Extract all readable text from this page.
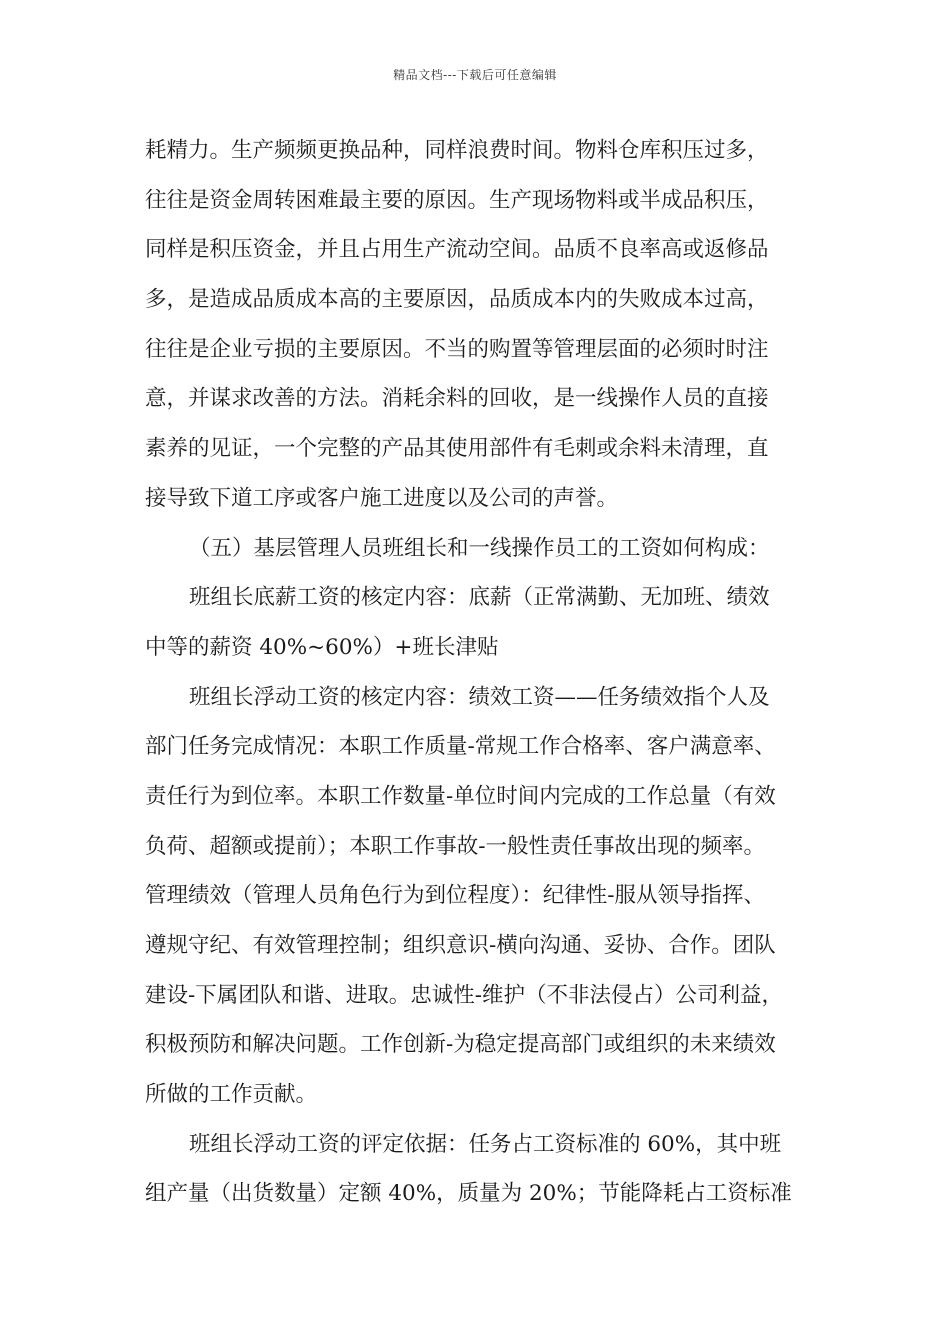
精品文档---下载后可任意编辑
耗精力。生产频频更换品种，同样浪费时间。物料仓库积压过多，
往往是资金周转困难最主要的原因。生产现场物料或半成品积压，
同样是积压资金，并且占用生产流动空间。品质不良率高或返修品
多，是造成品质成本高的主要原因，品质成本内的失败成本过高，
往往是企业亏损的主要原因。不当的购置等管理层面的必须时时注
意，并谋求改善的方法。消耗余料的回收，是一线操作人员的直接
素养的见证，一个完整的产品其使用部件有毛刺或余料未清理，直
接导致下道工序或客户施工进度以及公司的声誉。
（五）基层管理人员班组长和一线操作员工的工资如何构成：
班组长底薪工资的核定内容：底薪（正常满勤、无加班、绩效
中等的薪资 40%~60%）+班长津贴
班组长浮动工资的核定内容：绩效工资——任务绩效指个人及
部门任务完成情况：本职工作质量-常规工作合格率、客户满意率、
责任行为到位率。本职工作数量-单位时间内完成的工作总量（有效
负荷、超额或提前）；本职工作事故-一般性责任事故出现的频率。
管理绩效（管理人员角色行为到位程度）：纪律性-服从领导指挥、
遵规守纪、有效管理控制；组织意识-横向沟通、妥协、合作。团队
建设-下属团队和谐、进取。忠诚性-维护（不非法侵占）公司利益，
积极预防和解决问题。工作创新-为稳定提高部门或组织的未来绩效
所做的工作贡献。
班组长浮动工资的评定依据：任务占工资标准的 60%，其中班
组产量（出货数量）定额 40%，质量为 20%；节能降耗占工资标准
